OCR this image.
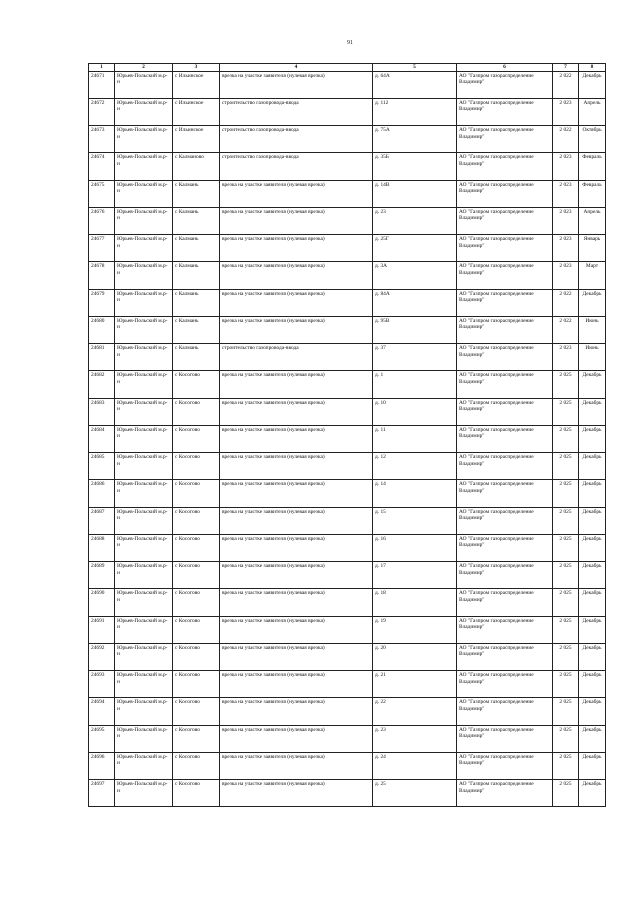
91
1	2	3	4	5	6	7	8
24671	Юрьев-Польский м.р-н	с Ильинское	врезка на участке заявителя (нулевая врезка)	д. 64А	АО "Газпром газораспределение Владимир"	2 022	Декабрь
24672	Юрьев-Польский м.р-н	с Ильинское	строительство газопровода-ввода	д. 112	АО "Газпром газораспределение Владимир"	2 023	Апрель
24673	Юрьев-Польский м.р-н	с Ильинское	строительство газопровода-ввода	д. 75А	АО "Газпром газораспределение Владимир"	2 022	Октябрь
24674	Юрьев-Польский м.р-н	с Калманово	строительство газопровода-ввода	д. 35Б	АО "Газпром газораспределение Владимир"	2 023	Февраль
24675	Юрьев-Польский м.р-н	с Калмань	врезка на участке заявителя (нулевая врезка)	д. 14В	АО "Газпром газораспределение Владимир"	2 023	Февраль
24676	Юрьев-Польский м.р-н	с Калмань	врезка на участке заявителя (нулевая врезка)	д. 23	АО "Газпром газораспределение Владимир"	2 023	Апрель
24677	Юрьев-Польский м.р-н	с Калмань	врезка на участке заявителя (нулевая врезка)	д. 25Г	АО "Газпром газораспределение Владимир"	2 023	Январь
24678	Юрьев-Польский м.р-н	с Калмань	врезка на участке заявителя (нулевая врезка)	д. 3А	АО "Газпром газораспределение Владимир"	2 023	Март
24679	Юрьев-Польский м.р-н	с Калмань	врезка на участке заявителя (нулевая врезка)	д. 84А	АО "Газпром газораспределение Владимир"	2 022	Декабрь
24680	Юрьев-Польский м.р-н	с Калмань	врезка на участке заявителя (нулевая врезка)	д. 95В	АО "Газпром газораспределение Владимир"	2 022	Июнь
24681	Юрьев-Польский м.р-н	с Калмань	строительство газопровода-ввода	д. 37	АО "Газпром газораспределение Владимир"	2 023	Июнь
24682	Юрьев-Польский м.р-н	с Косогово	врезка на участке заявителя (нулевая врезка)	д. 1	АО "Газпром газораспределение Владимир"	2 025	Декабрь
24683	Юрьев-Польский м.р-н	с Косогово	врезка на участке заявителя (нулевая врезка)	д. 10	АО "Газпром газораспределение Владимир"	2 025	Декабрь
24684	Юрьев-Польский м.р-н	с Косогово	врезка на участке заявителя (нулевая врезка)	д. 11	АО "Газпром газораспределение Владимир"	2 025	Декабрь
24685	Юрьев-Польский м.р-н	с Косогово	врезка на участке заявителя (нулевая врезка)	д. 12	АО "Газпром газораспределение Владимир"	2 025	Декабрь
24686	Юрьев-Польский м.р-н	с Косогово	врезка на участке заявителя (нулевая врезка)	д. 14	АО "Газпром газораспределение Владимир"	2 025	Декабрь
24687	Юрьев-Польский м.р-н	с Косогово	врезка на участке заявителя (нулевая врезка)	д. 15	АО "Газпром газораспределение Владимир"	2 025	Декабрь
24688	Юрьев-Польский м.р-н	с Косогово	врезка на участке заявителя (нулевая врезка)	д. 16	АО "Газпром газораспределение Владимир"	2 025	Декабрь
24689	Юрьев-Польский м.р-н	с Косогово	врезка на участке заявителя (нулевая врезка)	д. 17	АО "Газпром газораспределение Владимир"	2 025	Декабрь
24690	Юрьев-Польский м.р-н	с Косогово	врезка на участке заявителя (нулевая врезка)	д. 18	АО "Газпром газораспределение Владимир"	2 025	Декабрь
24691	Юрьев-Польский м.р-н	с Косогово	врезка на участке заявителя (нулевая врезка)	д. 19	АО "Газпром газораспределение Владимир"	2 025	Декабрь
24692	Юрьев-Польский м.р-н	с Косогово	врезка на участке заявителя (нулевая врезка)	д. 20	АО "Газпром газораспределение Владимир"	2 025	Декабрь
24693	Юрьев-Польский м.р-н	с Косогово	врезка на участке заявителя (нулевая врезка)	д. 21	АО "Газпром газораспределение Владимир"	2 025	Декабрь
24694	Юрьев-Польский м.р-н	с Косогово	врезка на участке заявителя (нулевая врезка)	д. 22	АО "Газпром газораспределение Владимир"	2 025	Декабрь
24695	Юрьев-Польский м.р-н	с Косогово	врезка на участке заявителя (нулевая врезка)	д. 23	АО "Газпром газораспределение Владимир"	2 025	Декабрь
24696	Юрьев-Польский м.р-н	с Косогово	врезка на участке заявителя (нулевая врезка)	д. 24	АО "Газпром газораспределение Владимир"	2 025	Декабрь
24697	Юрьев-Польский м.р-н	с Косогово	врезка на участке заявителя (нулевая врезка)	д. 25	АО "Газпром газораспределение Владимир"	2 025	Декабрь
